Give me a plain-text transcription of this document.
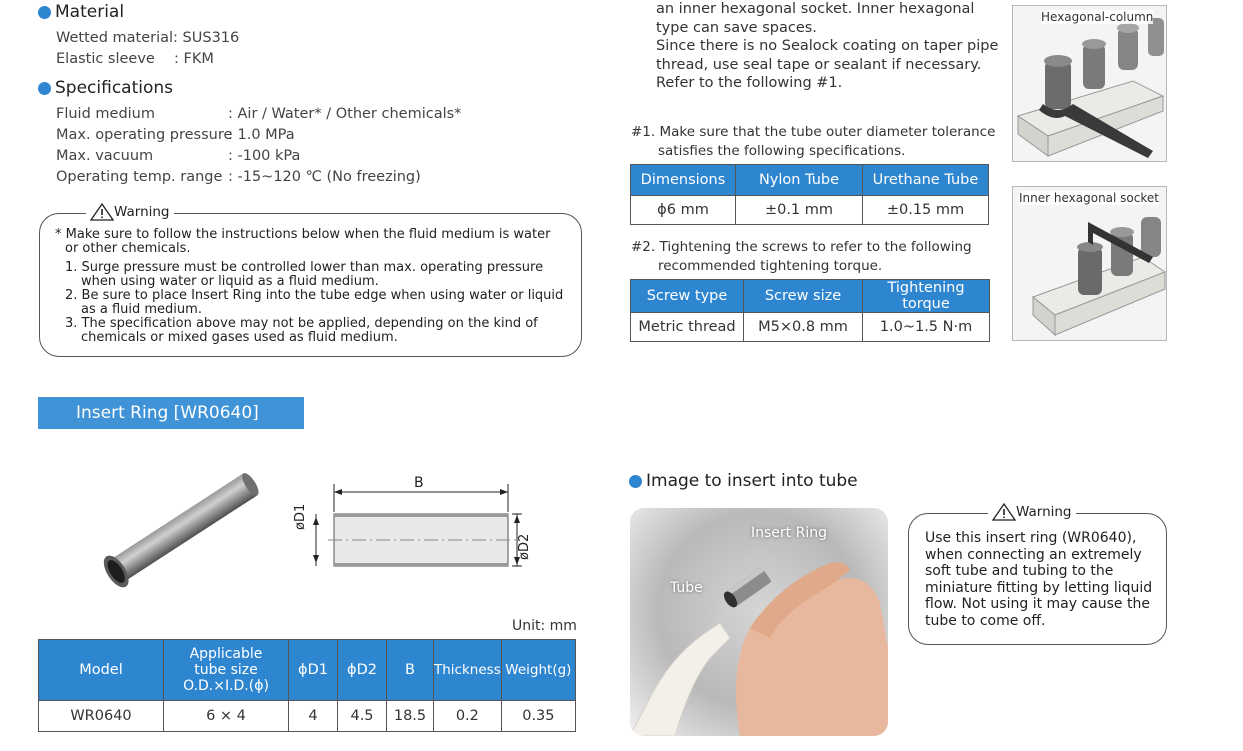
Material
Wetted material: SUS316
Elastic sleeve : FKM
Specifications
Fluid medium	: Air / Water* / Other chemicals*
Max. operating pressure: 1.0 MPa
Max. vacuum	: -100 kPa
Operating temp. range : -15~120 ℃ (No freezing)
Warning

* Make sure to follow the instructions below when the fluid medium is water

or other chemicals.

1. Surge pressure must be controlled lower than max. operating pressure

when using water or liquid as a fluid medium.

2. Be sure to place Insert Ring into the tube edge when using water or liquid

as a fluid medium.

3. The specification above may not be applied, depending on the kind of

chemicals or mixed gases used as fluid medium.

an inner hexagonal socket. Inner hexagonal
type can save spaces.
Since there is no Sealock coating on taper pipe
thread, use seal tape or sealant if necessary.
Refer to the following #1.
#1. Make sure that the tube outer diameter tolerance
satisfies the following specifications.
Dimensions	Nylon Tube	Urethane Tube
ϕ6 mm	±0.1 mm	±0.15 mm
#2. Tightening the screws to refer to the following
recommended tightening torque.
Screw type	Screw size	Tightening torque
Metric thread	M5×0.8 mm	1.0~1.5 N·m
Hexagonal-column
Inner hexagonal socket
Insert Ring [WR0640]
B
øD1
øD2
Unit: mm
Model	Applicable
tube size
O.D.×I.D.(ϕ)	ϕD1	ϕD2	B	Thickness	Weight(g)
WR0640	6 × 4	4	4.5	18.5	0.2	0.35
Image to insert into tube
Insert Ring
Tube
Warning
Use this insert ring (WR0640),
when connecting an extremely
soft tube and tubing to the
miniature fitting by letting liquid
flow. Not using it may cause the
tube to come off.
